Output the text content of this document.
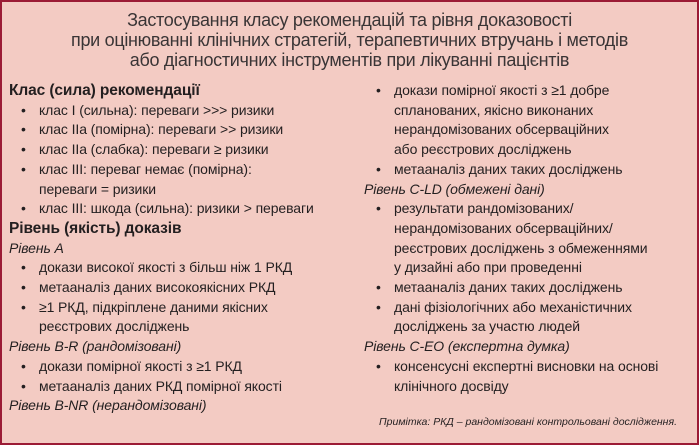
Застосування класу рекомендацій та рівня доказовості
при оцінюванні клінічних стратегій, терапевтичних втручань і методів
або діагностичних інструментів при лікуванні пацієнтів
Клас (сила) рекомендації
• клас I (сильна): переваги >>> ризики
• клас IIa (помірна): переваги >> ризики
• клас IIa (слабка): переваги ≥ ризики
• клас III: переваг немає (помірна): переваги = ризики
• клас III: шкода (сильна): ризики > переваги
Рівень (якість) доказів
Рівень А
• докази високої якості з більш ніж 1 РКД
• метааналіз даних високоякісних РКД
• ≥1 РКД, підкріплене даними якісних реєстрових досліджень
Рівень B-R (рандомізовані)
• докази помірної якості з ≥1 РКД
• метааналіз даних РКД помірної якості
Рівень B-NR (нерандомізовані)
• докази помірної якості з ≥1 добре спланованих, якісно виконаних нерандомізованих обсерваційних або реєстрових досліджень
• метааналіз даних таких досліджень
Рівень C-LD (обмежені дані)
• результати рандомізованих/ нерандомізованих обсерваційних/ реєстрових досліджень з обмеженнями у дизайні або при проведенні
• метааналіз даних таких досліджень
• дані фізіологічних або механістичних досліджень за участю людей
Рівень C-EO (експертна думка)
• консенсусні експертні висновки на основі клінічного досвіду
Примітка: РКД – рандомізовані контрольовані дослідження.
